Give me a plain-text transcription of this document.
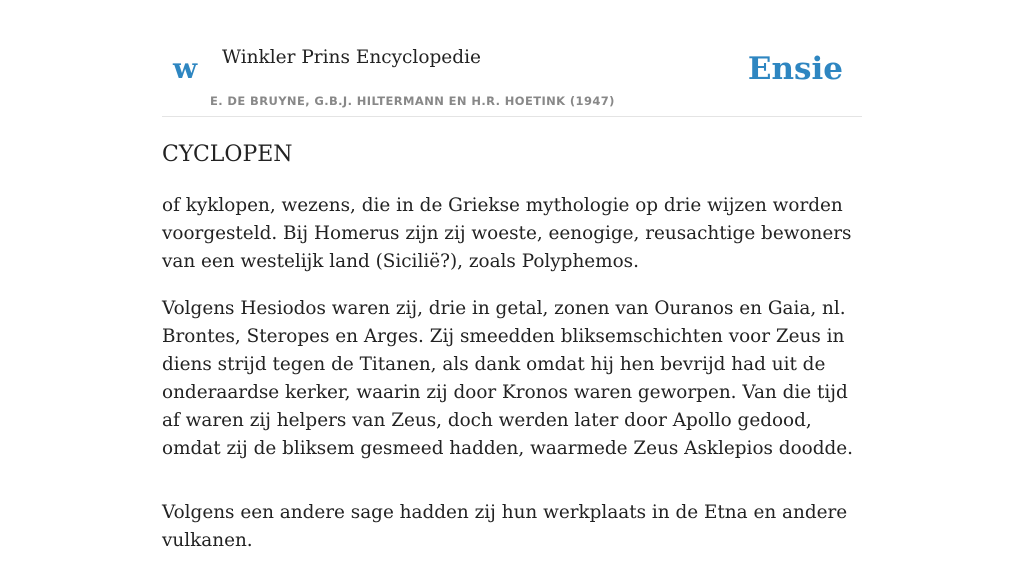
w Winkler Prins Encyclopedie
E. DE BRUYNE, G.B.J. HILTERMANN EN H.R. HOETINK (1947)
Ensie
CYCLOPEN

of kyklopen, wezens, die in de Griekse mythologie op drie wijzen worden voorgesteld. Bij Homerus zijn zij woeste, eenogige, reusachtige bewoners van een westelijk land (Sicilië?), zoals Polyphemos.

Volgens Hesiodos waren zij, drie in getal, zonen van Ouranos en Gaia, nl. Brontes, Steropes en Arges. Zij smeedden bliksemschichten voor Zeus in diens strijd tegen de Titanen, als dank omdat hij hen bevrijd had uit de onderaardse kerker, waarin zij door Kronos waren geworpen. Van die tijd af waren zij helpers van Zeus, doch werden later door Apollo gedood, omdat zij de bliksem gesmeed hadden, waarmede Zeus Asklepios doodde.

Volgens een andere sage hadden zij hun werkplaats in de Etna en andere vulkanen.
